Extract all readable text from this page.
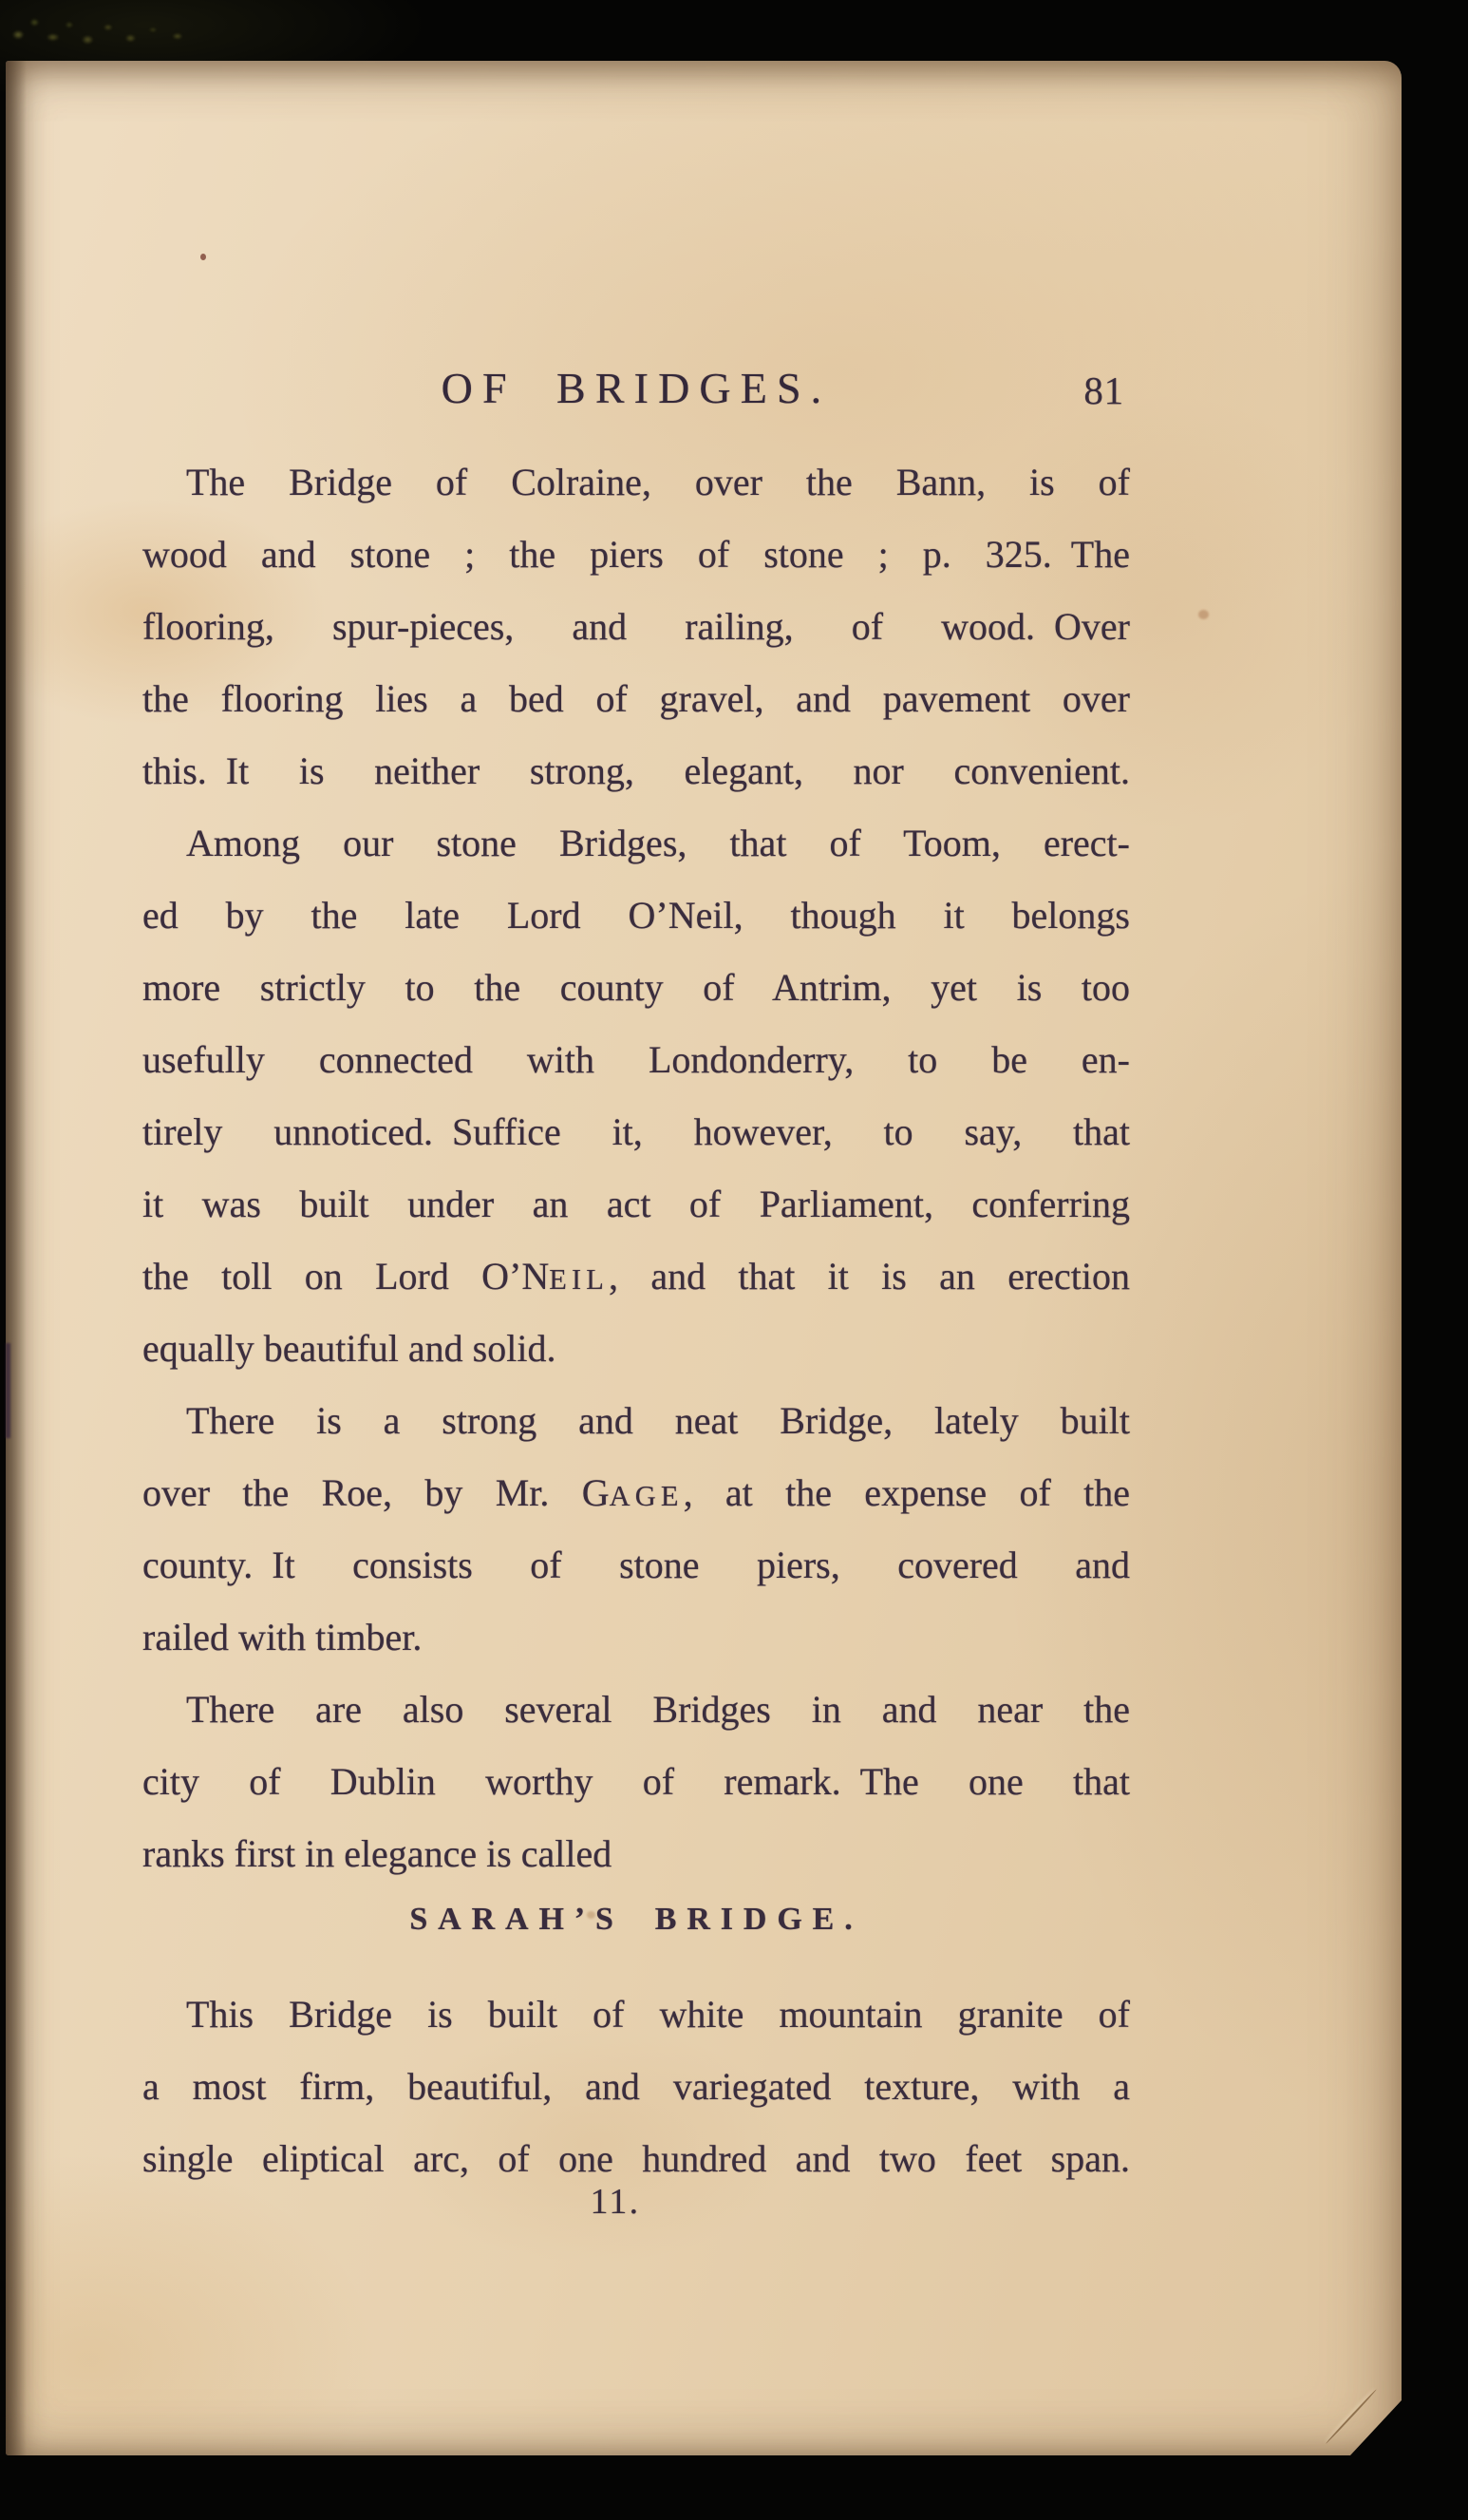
OF BRIDGES.	81
The Bridge of Colraine, over the Bann, is of
wood and stone ; the piers of stone ; p. 325. The
flooring, spur-pieces, and railing, of wood. Over
the flooring lies a bed of gravel, and pavement over
this. It is neither strong, elegant, nor convenient.
Among our stone Bridges, that of Toom, erect-
ed by the late Lord O’Neil, though it belongs
more strictly to the county of Antrim, yet is too
usefully connected with Londonderry, to be en-
tirely unnoticed. Suffice it, however, to say, that
it was built under an act of Parliament, conferring
the toll on Lord O’NEIL, and that it is an erection
equally beautiful and solid.
There is a strong and neat Bridge, lately built
over the Roe, by Mr. GAGE, at the expense of the
county. It consists of stone piers, covered and
railed with timber.
There are also several Bridges in and near the
city of Dublin worthy of remark. The one that
ranks first in elegance is called
SARAH’S BRIDGE.
This Bridge is built of white mountain granite of
a most firm, beautiful, and variegated texture, with a
single eliptical arc, of one hundred and two feet span.
11.
